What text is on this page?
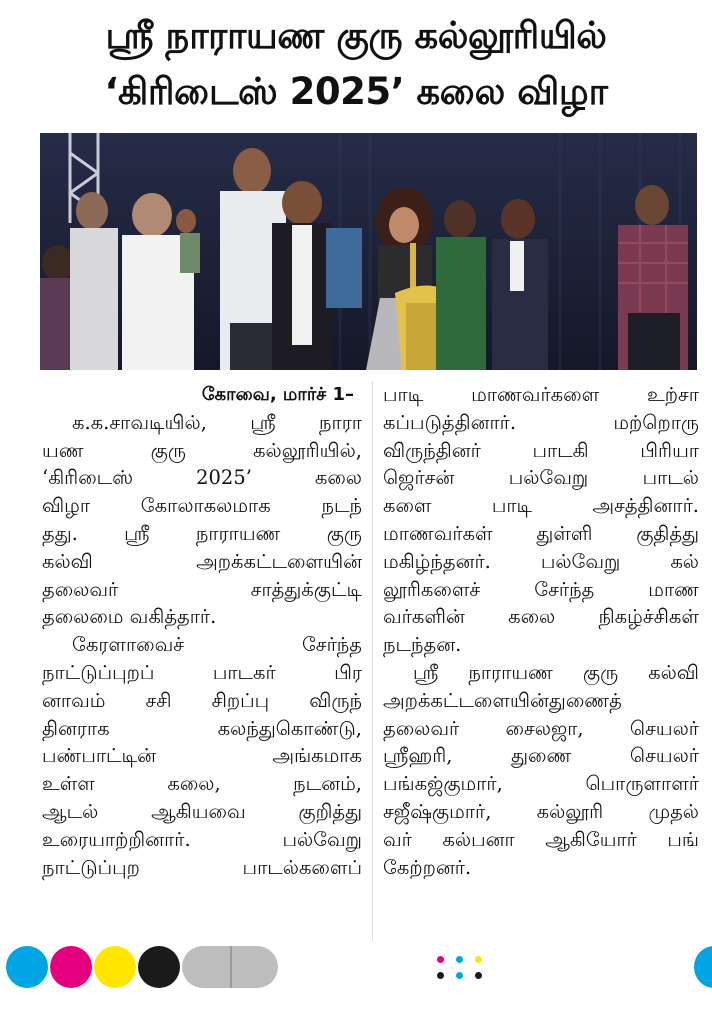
ஸ்ரீ நாராயண குரு கல்லூரியில்
‘கிரிடைஸ் 2025’ கலை விழா

கோவை, மார்ச் 1–

க.க.சாவடியில், ஸ்ரீ நாரா

யண குரு கல்லூரியில்,

‘கிரிடைஸ் 2025’ கலை

விழா கோலாகலமாக நடந்

தது. ஸ்ரீ நாராயண குரு

கல்வி அறக்கட்டளையின்

தலைவர் சாத்துக்குட்டி

தலைமை வகித்தார்.

கேரளாவைச் சேர்ந்த

நாட்டுப்புறப் பாடகர் பிர

னாவம் சசி சிறப்பு விருந்

தினராக கலந்துகொண்டு,

பண்பாட்டின் அங்கமாக

உள்ள கலை, நடனம்,

ஆடல் ஆகியவை குறித்து

உரையாற்றினார். பல்வேறு

நாட்டுப்புற பாடல்களைப்

பாடி மாணவர்களை உற்சா

கப்படுத்தினார். மற்றொரு

விருந்தினர் பாடகி பிரியா

ஜெர்சன் பல்வேறு பாடல்

களை பாடி அசத்தினார்.

மாணவர்கள் துள்ளி குதித்து

மகிழ்ந்தனர். பல்வேறு கல்

லூரிகளைச் சேர்ந்த மாண

வர்களின் கலை நிகழ்ச்சிகள்

நடந்தன.

ஸ்ரீ நாராயண குரு கல்வி

அறக்கட்டளையின்துணைத்

தலைவர் சைலஜா, செயலர்

ஸ்ரீஹரி, துணை செயலர்

பங்கஜ்குமார், பொருளாளர்

சஜீஷ்குமார், கல்லூரி முதல்

வர் கல்பனா ஆகியோர் பங்

கேற்றனர்.
